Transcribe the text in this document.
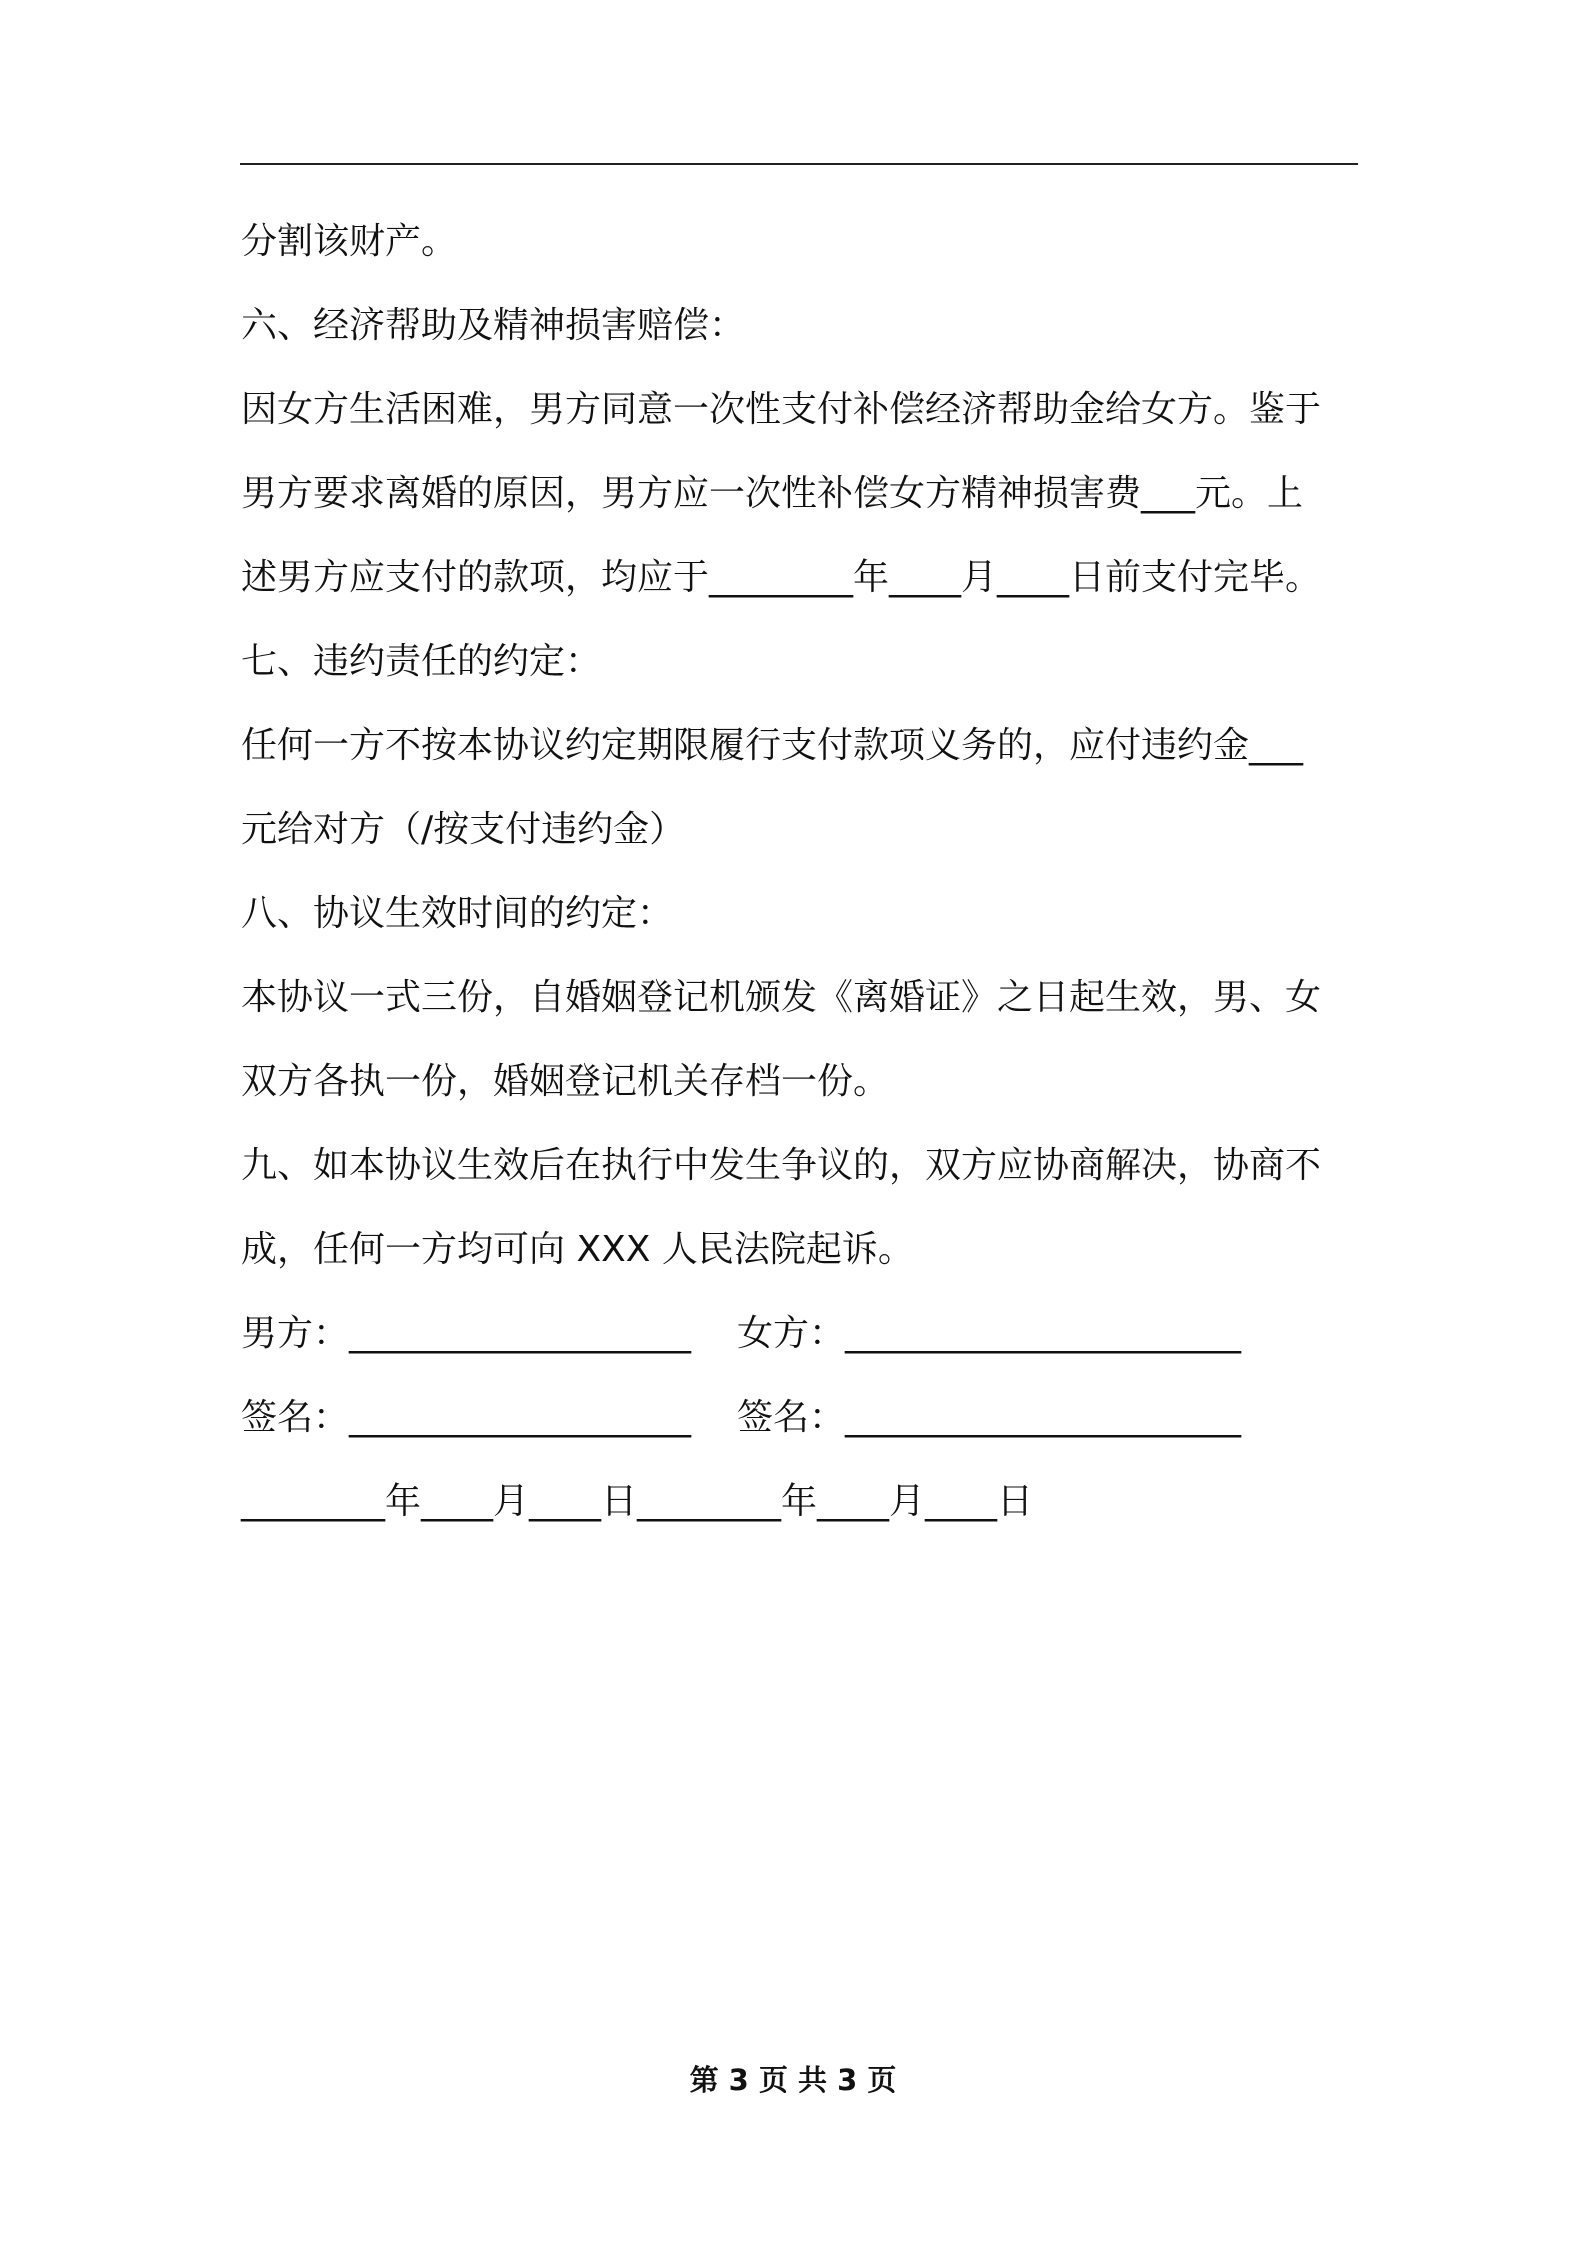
分割该财产。
六、经济帮助及精神损害赔偿：
因女方生活困难，男方同意一次性支付补偿经济帮助金给女方。鉴于
男方要求离婚的原因，男方应一次性补偿女方精神损害费___元。上
述男方应支付的款项，均应于________年____月____日前支付完毕。
七、违约责任的约定：
任何一方不按本协议约定期限履行支付款项义务的，应付违约金___
元给对方（/按支付违约金）
八、协议生效时间的约定：
本协议一式三份，自婚姻登记机颁发《离婚证》之日起生效，男、女
双方各执一份，婚姻登记机关存档一份。
九、如本协议生效后在执行中发生争议的，双方应协商解决，协商不
成，任何一方均可向 XXX 人民法院起诉。
男方：___________________ 女方：______________________
签名：___________________ 签名：______________________
________年____月____日________年____月____日
第 3 页 共 3 页
